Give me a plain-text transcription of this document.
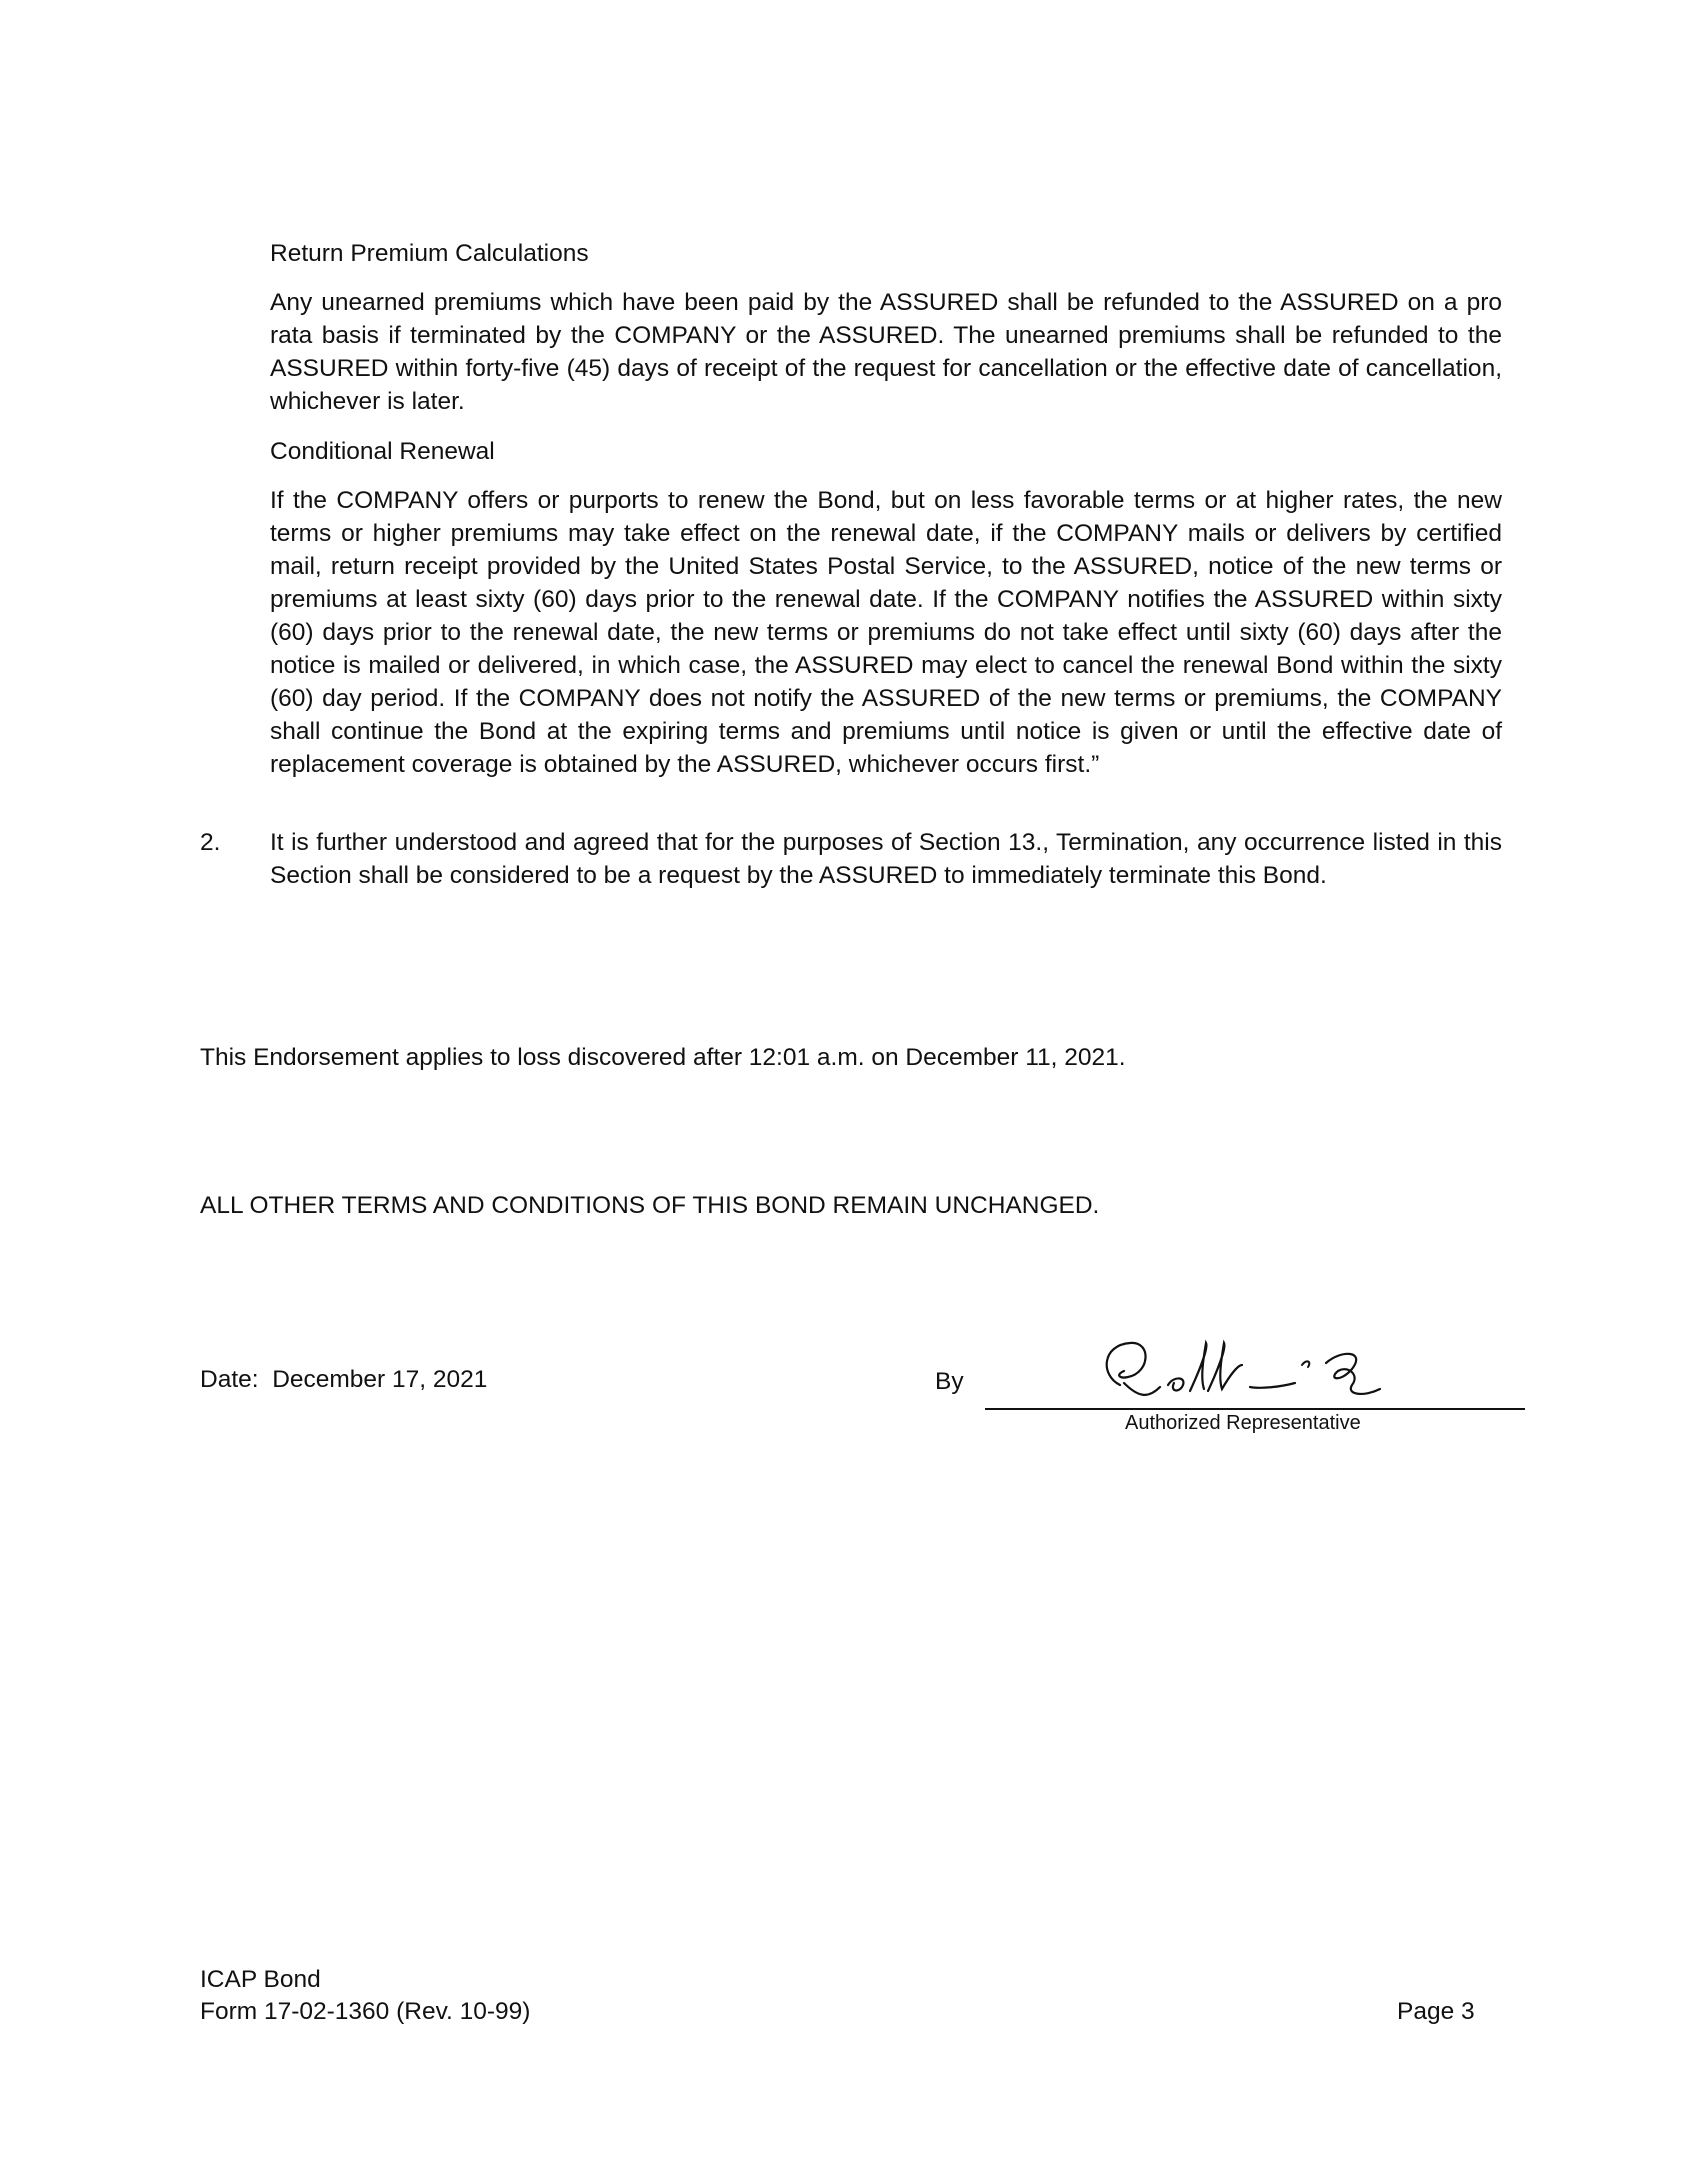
Return Premium Calculations

Any unearned premiums which have been paid by the ASSURED shall be refunded to the ASSURED on a pro rata basis if terminated by the COMPANY or the ASSURED. The unearned premiums shall be refunded to the ASSURED within forty-five (45) days of receipt of the request for cancellation or the effective date of cancellation, whichever is later.

Conditional Renewal

If the COMPANY offers or purports to renew the Bond, but on less favorable terms or at higher rates, the new terms or higher premiums may take effect on the renewal date, if the COMPANY mails or delivers by certified mail, return receipt provided by the United States Postal Service, to the ASSURED, notice of the new terms or premiums at least sixty (60) days prior to the renewal date. If the COMPANY notifies the ASSURED within sixty (60) days prior to the renewal date, the new terms or premiums do not take effect until sixty (60) days after the notice is mailed or delivered, in which case, the ASSURED may elect to cancel the renewal Bond within the sixty (60) day period. If the COMPANY does not notify the ASSURED of the new terms or premiums, the COMPANY shall continue the Bond at the expiring terms and premiums until notice is given or until the effective date of replacement coverage is obtained by the ASSURED, whichever occurs first.”

2. It is further understood and agreed that for the purposes of Section 13., Termination, any occurrence listed in this Section shall be considered to be a request by the ASSURED to immediately terminate this Bond.

This Endorsement applies to loss discovered after 12:01 a.m. on December 11, 2021.
ALL OTHER TERMS AND CONDITIONS OF THIS BOND REMAIN UNCHANGED.
Date: December 17, 2021	By
Authorized Representative
ICAP Bond
Form 17-02-1360 (Rev. 10-99)	Page 3
